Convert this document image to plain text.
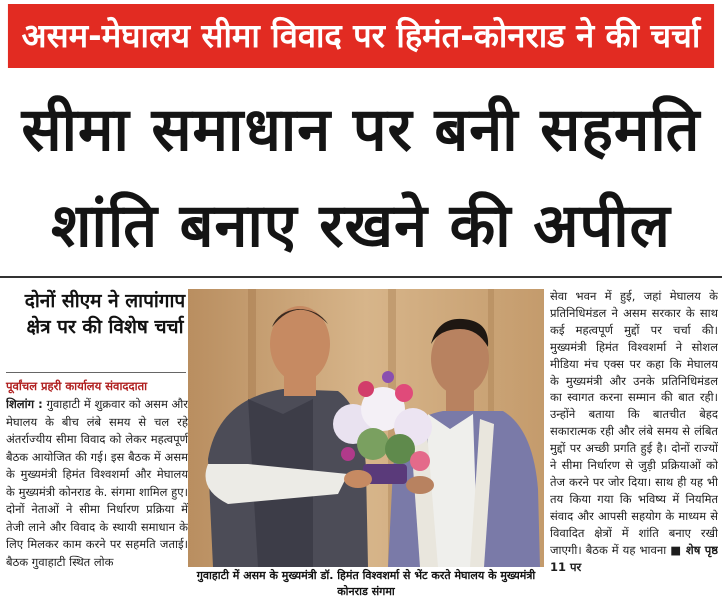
असम-मेघालय सीमा विवाद पर हिमंत-कोनराड ने की चर्चा
सीमा समाधान पर बनी सहमति
शांति बनाए रखने की अपील
दोनों सीएम ने लापांगाप क्षेत्र पर की विशेष चर्चा
पूर्वांचल प्रहरी कार्यालय संवाददाता
शिलांग : गुवाहाटी में शुक्रवार को असम और मेघालय के बीच लंबे समय से चल रहे अंतर्राज्यीय सीमा विवाद को लेकर महत्वपूर्ण बैठक आयोजित की गई। इस बैठक में असम के मुख्यमंत्री हिमंत विश्वशर्मा और मेघालय के मुख्यमंत्री कोनराड के. संगमा शामिल हुए। दोनों नेताओं ने सीमा निर्धारण प्रक्रिया में तेजी लाने और विवाद के स्थायी समाधान के लिए मिलकर काम करने पर सहमति जताई। बैठक गुवाहाटी स्थित लोक
गुवाहाटी में असम के मुख्यमंत्री डॉ. हिमंत विश्वशर्मा से भेंट करते मेघालय के मुख्यमंत्री कोनराड संगमा
सेवा भवन में हुई, जहां मेघालय के प्रतिनिधिमंडल ने असम सरकार के साथ कई महत्वपूर्ण मुद्दों पर चर्चा की। मुख्यमंत्री हिमंत विश्वशर्मा ने सोशल मीडिया मंच एक्स पर कहा कि मेघालय के मुख्यमंत्री और उनके प्रतिनिधिमंडल का स्वागत करना सम्मान की बात रही। उन्होंने बताया कि बातचीत बेहद सकारात्मक रही और लंबे समय से लंबित मुद्दों पर अच्छी प्रगति हुई है। दोनों राज्यों ने सीमा निर्धारण से जुड़ी प्रक्रियाओं को तेज करने पर जोर दिया। साथ ही यह भी तय किया गया कि भविष्य में नियमित संवाद और आपसी सहयोग के माध्यम से विवादित क्षेत्रों में शांति बनाए रखी जाएगी। बैठक में यह भावना ■ शेष पृष्ठ 11 पर
